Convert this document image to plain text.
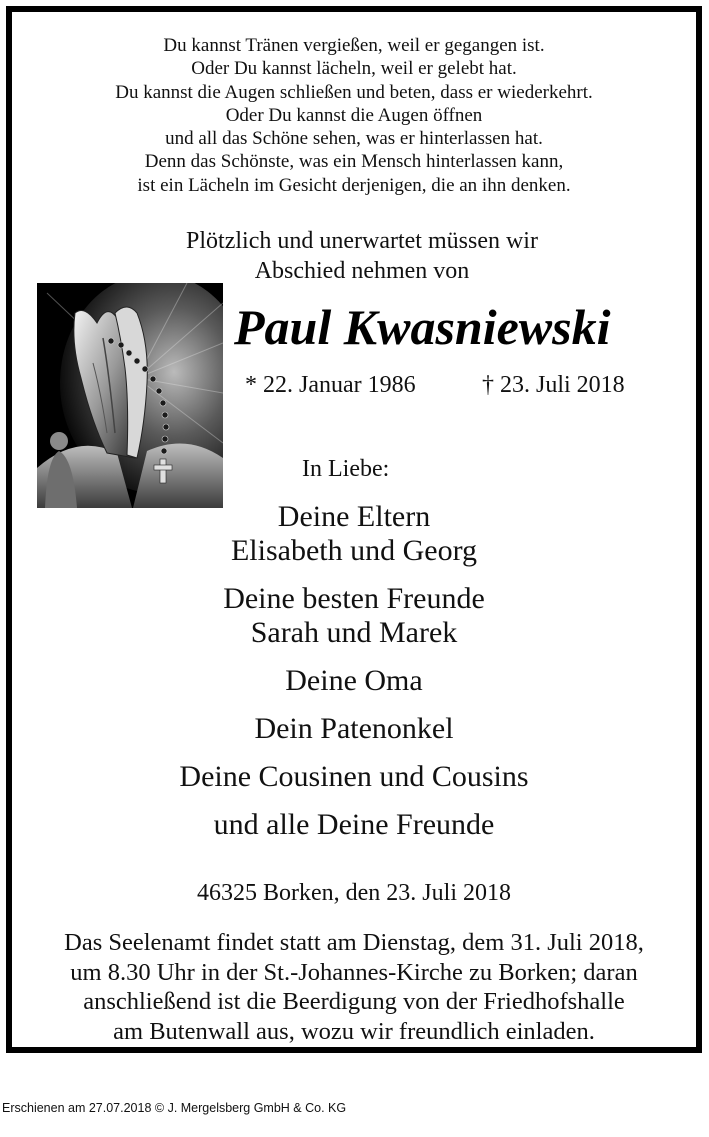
Du kannst Tränen vergießen, weil er gegangen ist.
Oder Du kannst lächeln, weil er gelebt hat.
Du kannst die Augen schließen und beten, dass er wiederkehrt.
Oder Du kannst die Augen öffnen
und all das Schöne sehen, was er hinterlassen hat.
Denn das Schönste, was ein Mensch hinterlassen kann,
ist ein Lächeln im Gesicht derjenigen, die an ihn denken.
Plötzlich und unerwartet müssen wir
Abschied nehmen von
Paul Kwasniewski
* 22. Januar 1986	† 23. Juli 2018
In Liebe:
Deine Eltern
Elisabeth und Georg
Deine besten Freunde
Sarah und Marek
Deine Oma
Dein Patenonkel
Deine Cousinen und Cousins
und alle Deine Freunde
46325 Borken, den 23. Juli 2018
Das Seelenamt findet statt am Dienstag, dem 31. Juli 2018,
um 8.30 Uhr in der St.-Johannes-Kirche zu Borken; daran
anschließend ist die Beerdigung von der Friedhofshalle
am Butenwall aus, wozu wir freundlich einladen.
Erschienen am 27.07.2018 © J. Mergelsberg GmbH & Co. KG
